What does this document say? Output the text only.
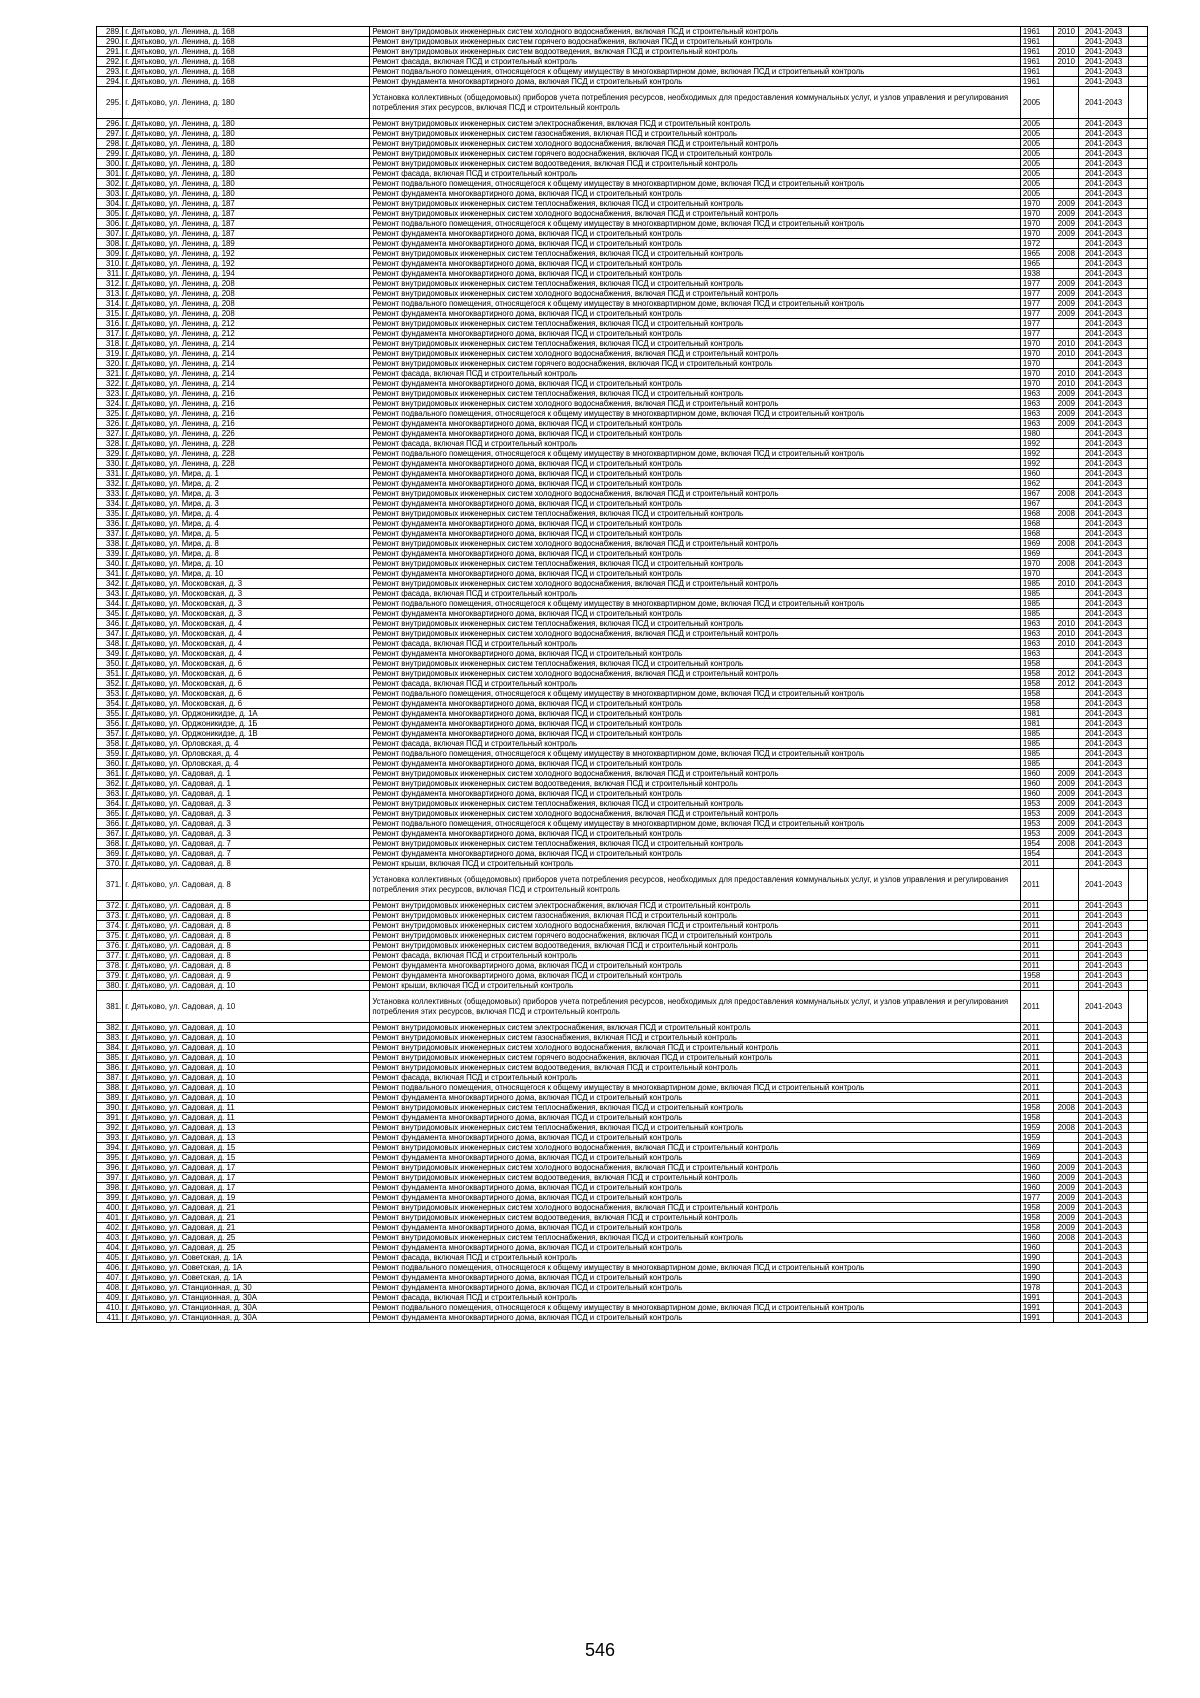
289.	г. Дятьково, ул. Ленина, д. 168	Ремонт внутридомовых инженерных систем холодного водоснабжения, включая ПСД и строительный контроль	1961	2010	2041-2043	
290.	г. Дятьково, ул. Ленина, д. 168	Ремонт внутридомовых инженерных систем горячего водоснабжения, включая ПСД и строительный контроль	1961		2041-2043	
291.	г. Дятьково, ул. Ленина, д. 168	Ремонт внутридомовых инженерных систем водоотведения, включая ПСД и строительный контроль	1961	2010	2041-2043	
292.	г. Дятьково, ул. Ленина, д. 168	Ремонт фасада, включая ПСД и строительный контроль	1961	2010	2041-2043	
293.	г. Дятьково, ул. Ленина, д. 168	Ремонт подвального помещения, относящегося к общему имуществу в многоквартирном доме, включая ПСД и строительный контроль	1961		2041-2043	
294.	г. Дятьково, ул. Ленина, д. 168	Ремонт фундамента многоквартирного дома, включая ПСД и строительный контроль	1961		2041-2043	
295.	г. Дятьково, ул. Ленина, д. 180	Установка коллективных (общедомовых) приборов учета потребления ресурсов, необходимых для предоставления коммунальных услуг, и узлов управления и регулирования потребления этих ресурсов, включая ПСД и строительный контроль	2005		2041-2043	
296.	г. Дятьково, ул. Ленина, д. 180	Ремонт внутридомовых инженерных систем электроснабжения, включая ПСД и строительный контроль	2005		2041-2043	
297.	г. Дятьково, ул. Ленина, д. 180	Ремонт внутридомовых инженерных систем газоснабжения, включая ПСД и строительный контроль	2005		2041-2043	
298.	г. Дятьково, ул. Ленина, д. 180	Ремонт внутридомовых инженерных систем холодного водоснабжения, включая ПСД и строительный контроль	2005		2041-2043	
299.	г. Дятьково, ул. Ленина, д. 180	Ремонт внутридомовых инженерных систем горячего водоснабжения, включая ПСД и строительный контроль	2005		2041-2043	
300.	г. Дятьково, ул. Ленина, д. 180	Ремонт внутридомовых инженерных систем водоотведения, включая ПСД и строительный контроль	2005		2041-2043	
301.	г. Дятьково, ул. Ленина, д. 180	Ремонт фасада, включая ПСД и строительный контроль	2005		2041-2043	
302.	г. Дятьково, ул. Ленина, д. 180	Ремонт подвального помещения, относящегося к общему имуществу в многоквартирном доме, включая ПСД и строительный контроль	2005		2041-2043	
303.	г. Дятьково, ул. Ленина, д. 180	Ремонт фундамента многоквартирного дома, включая ПСД и строительный контроль	2005		2041-2043	
304.	г. Дятьково, ул. Ленина, д. 187	Ремонт внутридомовых инженерных систем теплоснабжения, включая ПСД и строительный контроль	1970	2009	2041-2043	
305.	г. Дятьково, ул. Ленина, д. 187	Ремонт внутридомовых инженерных систем холодного водоснабжения, включая ПСД и строительный контроль	1970	2009	2041-2043	
306.	г. Дятьково, ул. Ленина, д. 187	Ремонт подвального помещения, относящегося к общему имуществу в многоквартирном доме, включая ПСД и строительный контроль	1970	2009	2041-2043	
307.	г. Дятьково, ул. Ленина, д. 187	Ремонт фундамента многоквартирного дома, включая ПСД и строительный контроль	1970	2009	2041-2043	
308.	г. Дятьково, ул. Ленина, д. 189	Ремонт фундамента многоквартирного дома, включая ПСД и строительный контроль	1972		2041-2043	
309.	г. Дятьково, ул. Ленина, д. 192	Ремонт внутридомовых инженерных систем теплоснабжения, включая ПСД и строительный контроль	1965	2008	2041-2043	
310.	г. Дятьково, ул. Ленина, д. 192	Ремонт фундамента многоквартирного дома, включая ПСД и строительный контроль	1965		2041-2043	
311.	г. Дятьково, ул. Ленина, д. 194	Ремонт фундамента многоквартирного дома, включая ПСД и строительный контроль	1938		2041-2043	
312.	г. Дятьково, ул. Ленина, д. 208	Ремонт внутридомовых инженерных систем теплоснабжения, включая ПСД и строительный контроль	1977	2009	2041-2043	
313.	г. Дятьково, ул. Ленина, д. 208	Ремонт внутридомовых инженерных систем холодного водоснабжения, включая ПСД и строительный контроль	1977	2009	2041-2043	
314.	г. Дятьково, ул. Ленина, д. 208	Ремонт подвального помещения, относящегося к общему имуществу в многоквартирном доме, включая ПСД и строительный контроль	1977	2009	2041-2043	
315.	г. Дятьково, ул. Ленина, д. 208	Ремонт фундамента многоквартирного дома, включая ПСД и строительный контроль	1977	2009	2041-2043	
316.	г. Дятьково, ул. Ленина, д. 212	Ремонт внутридомовых инженерных систем теплоснабжения, включая ПСД и строительный контроль	1977		2041-2043	
317.	г. Дятьково, ул. Ленина, д. 212	Ремонт фундамента многоквартирного дома, включая ПСД и строительный контроль	1977		2041-2043	
318.	г. Дятьково, ул. Ленина, д. 214	Ремонт внутридомовых инженерных систем теплоснабжения, включая ПСД и строительный контроль	1970	2010	2041-2043	
319.	г. Дятьково, ул. Ленина, д. 214	Ремонт внутридомовых инженерных систем холодного водоснабжения, включая ПСД и строительный контроль	1970	2010	2041-2043	
320.	г. Дятьково, ул. Ленина, д. 214	Ремонт внутридомовых инженерных систем горячего водоснабжения, включая ПСД и строительный контроль	1970		2041-2043	
321.	г. Дятьково, ул. Ленина, д. 214	Ремонт фасада, включая ПСД и строительный контроль	1970	2010	2041-2043	
322.	г. Дятьково, ул. Ленина, д. 214	Ремонт фундамента многоквартирного дома, включая ПСД и строительный контроль	1970	2010	2041-2043	
323.	г. Дятьково, ул. Ленина, д. 216	Ремонт внутридомовых инженерных систем теплоснабжения, включая ПСД и строительный контроль	1963	2009	2041-2043	
324.	г. Дятьково, ул. Ленина, д. 216	Ремонт внутридомовых инженерных систем холодного водоснабжения, включая ПСД и строительный контроль	1963	2009	2041-2043	
325.	г. Дятьково, ул. Ленина, д. 216	Ремонт подвального помещения, относящегося к общему имуществу в многоквартирном доме, включая ПСД и строительный контроль	1963	2009	2041-2043	
326.	г. Дятьково, ул. Ленина, д. 216	Ремонт фундамента многоквартирного дома, включая ПСД и строительный контроль	1963	2009	2041-2043	
327.	г. Дятьково, ул. Ленина, д. 226	Ремонт фундамента многоквартирного дома, включая ПСД и строительный контроль	1980		2041-2043	
328.	г. Дятьково, ул. Ленина, д. 228	Ремонт фасада, включая ПСД и строительный контроль	1992		2041-2043	
329.	г. Дятьково, ул. Ленина, д. 228	Ремонт подвального помещения, относящегося к общему имуществу в многоквартирном доме, включая ПСД и строительный контроль	1992		2041-2043	
330.	г. Дятьково, ул. Ленина, д. 228	Ремонт фундамента многоквартирного дома, включая ПСД и строительный контроль	1992		2041-2043	
331.	г. Дятьково, ул. Мира, д. 1	Ремонт фундамента многоквартирного дома, включая ПСД и строительный контроль	1960		2041-2043	
332.	г. Дятьково, ул. Мира, д. 2	Ремонт фундамента многоквартирного дома, включая ПСД и строительный контроль	1962		2041-2043	
333.	г. Дятьково, ул. Мира, д. 3	Ремонт внутридомовых инженерных систем холодного водоснабжения, включая ПСД и строительный контроль	1967	2008	2041-2043	
334.	г. Дятьково, ул. Мира, д. 3	Ремонт фундамента многоквартирного дома, включая ПСД и строительный контроль	1967		2041-2043	
335.	г. Дятьково, ул. Мира, д. 4	Ремонт внутридомовых инженерных систем теплоснабжения, включая ПСД и строительный контроль	1968	2008	2041-2043	
336.	г. Дятьково, ул. Мира, д. 4	Ремонт фундамента многоквартирного дома, включая ПСД и строительный контроль	1968		2041-2043	
337.	г. Дятьково, ул. Мира, д. 5	Ремонт фундамента многоквартирного дома, включая ПСД и строительный контроль	1968		2041-2043	
338.	г. Дятьково, ул. Мира, д. 8	Ремонт внутридомовых инженерных систем холодного водоснабжения, включая ПСД и строительный контроль	1969	2008	2041-2043	
339.	г. Дятьково, ул. Мира, д. 8	Ремонт фундамента многоквартирного дома, включая ПСД и строительный контроль	1969		2041-2043	
340.	г. Дятьково, ул. Мира, д. 10	Ремонт внутридомовых инженерных систем теплоснабжения, включая ПСД и строительный контроль	1970	2008	2041-2043	
341.	г. Дятьково, ул. Мира, д. 10	Ремонт фундамента многоквартирного дома, включая ПСД и строительный контроль	1970		2041-2043	
342.	г. Дятьково, ул. Московская, д. 3	Ремонт внутридомовых инженерных систем холодного водоснабжения, включая ПСД и строительный контроль	1985	2010	2041-2043	
343.	г. Дятьково, ул. Московская, д. 3	Ремонт фасада, включая ПСД и строительный контроль	1985		2041-2043	
344.	г. Дятьково, ул. Московская, д. 3	Ремонт подвального помещения, относящегося к общему имуществу в многоквартирном доме, включая ПСД и строительный контроль	1985		2041-2043	
345.	г. Дятьково, ул. Московская, д. 3	Ремонт фундамента многоквартирного дома, включая ПСД и строительный контроль	1985		2041-2043	
346.	г. Дятьково, ул. Московская, д. 4	Ремонт внутридомовых инженерных систем теплоснабжения, включая ПСД и строительный контроль	1963	2010	2041-2043	
347.	г. Дятьково, ул. Московская, д. 4	Ремонт внутридомовых инженерных систем холодного водоснабжения, включая ПСД и строительный контроль	1963	2010	2041-2043	
348.	г. Дятьково, ул. Московская, д. 4	Ремонт фасада, включая ПСД и строительный контроль	1963	2010	2041-2043	
349.	г. Дятьково, ул. Московская, д. 4	Ремонт фундамента многоквартирного дома, включая ПСД и строительный контроль	1963		2041-2043	
350.	г. Дятьково, ул. Московская, д. 6	Ремонт внутридомовых инженерных систем теплоснабжения, включая ПСД и строительный контроль	1958		2041-2043	
351.	г. Дятьково, ул. Московская, д. 6	Ремонт внутридомовых инженерных систем холодного водоснабжения, включая ПСД и строительный контроль	1958	2012	2041-2043	
352.	г. Дятьково, ул. Московская, д. 6	Ремонт фасада, включая ПСД и строительный контроль	1958	2012	2041-2043	
353.	г. Дятьково, ул. Московская, д. 6	Ремонт подвального помещения, относящегося к общему имуществу в многоквартирном доме, включая ПСД и строительный контроль	1958		2041-2043	
354.	г. Дятьково, ул. Московская, д. 6	Ремонт фундамента многоквартирного дома, включая ПСД и строительный контроль	1958		2041-2043	
355.	г. Дятьково, ул. Орджоникидзе, д. 1А	Ремонт фундамента многоквартирного дома, включая ПСД и строительный контроль	1981		2041-2043	
356.	г. Дятьково, ул. Орджоникидзе, д. 1Б	Ремонт фундамента многоквартирного дома, включая ПСД и строительный контроль	1981		2041-2043	
357.	г. Дятьково, ул. Орджоникидзе, д. 1В	Ремонт фундамента многоквартирного дома, включая ПСД и строительный контроль	1985		2041-2043	
358.	г. Дятьково, ул. Орловская, д. 4	Ремонт фасада, включая ПСД и строительный контроль	1985		2041-2043	
359.	г. Дятьково, ул. Орловская, д. 4	Ремонт подвального помещения, относящегося к общему имуществу в многоквартирном доме, включая ПСД и строительный контроль	1985		2041-2043	
360.	г. Дятьково, ул. Орловская, д. 4	Ремонт фундамента многоквартирного дома, включая ПСД и строительный контроль	1985		2041-2043	
361.	г. Дятьково, ул. Садовая, д. 1	Ремонт внутридомовых инженерных систем холодного водоснабжения, включая ПСД и строительный контроль	1960	2009	2041-2043	
362.	г. Дятьково, ул. Садовая, д. 1	Ремонт внутридомовых инженерных систем водоотведения, включая ПСД и строительный контроль	1960	2009	2041-2043	
363.	г. Дятьково, ул. Садовая, д. 1	Ремонт фундамента многоквартирного дома, включая ПСД и строительный контроль	1960	2009	2041-2043	
364.	г. Дятьково, ул. Садовая, д. 3	Ремонт внутридомовых инженерных систем теплоснабжения, включая ПСД и строительный контроль	1953	2009	2041-2043	
365.	г. Дятьково, ул. Садовая, д. 3	Ремонт внутридомовых инженерных систем холодного водоснабжения, включая ПСД и строительный контроль	1953	2009	2041-2043	
366.	г. Дятьково, ул. Садовая, д. 3	Ремонт подвального помещения, относящегося к общему имуществу в многоквартирном доме, включая ПСД и строительный контроль	1953	2009	2041-2043	
367.	г. Дятьково, ул. Садовая, д. 3	Ремонт фундамента многоквартирного дома, включая ПСД и строительный контроль	1953	2009	2041-2043	
368.	г. Дятьково, ул. Садовая, д. 7	Ремонт внутридомовых инженерных систем теплоснабжения, включая ПСД и строительный контроль	1954	2008	2041-2043	
369.	г. Дятьково, ул. Садовая, д. 7	Ремонт фундамента многоквартирного дома, включая ПСД и строительный контроль	1954		2041-2043	
370.	г. Дятьково, ул. Садовая, д. 8	Ремонт крыши, включая ПСД и строительный контроль	2011		2041-2043	
371.	г. Дятьково, ул. Садовая, д. 8	Установка коллективных (общедомовых) приборов учета потребления ресурсов, необходимых для предоставления коммунальных услуг, и узлов управления и регулирования потребления этих ресурсов, включая ПСД и строительный контроль	2011		2041-2043	
372.	г. Дятьково, ул. Садовая, д. 8	Ремонт внутридомовых инженерных систем электроснабжения, включая ПСД и строительный контроль	2011		2041-2043	
373.	г. Дятьково, ул. Садовая, д. 8	Ремонт внутридомовых инженерных систем газоснабжения, включая ПСД и строительный контроль	2011		2041-2043	
374.	г. Дятьково, ул. Садовая, д. 8	Ремонт внутридомовых инженерных систем холодного водоснабжения, включая ПСД и строительный контроль	2011		2041-2043	
375.	г. Дятьково, ул. Садовая, д. 8	Ремонт внутридомовых инженерных систем горячего водоснабжения, включая ПСД и строительный контроль	2011		2041-2043	
376.	г. Дятьково, ул. Садовая, д. 8	Ремонт внутридомовых инженерных систем водоотведения, включая ПСД и строительный контроль	2011		2041-2043	
377.	г. Дятьково, ул. Садовая, д. 8	Ремонт фасада, включая ПСД и строительный контроль	2011		2041-2043	
378.	г. Дятьково, ул. Садовая, д. 8	Ремонт фундамента многоквартирного дома, включая ПСД и строительный контроль	2011		2041-2043	
379.	г. Дятьково, ул. Садовая, д. 9	Ремонт фундамента многоквартирного дома, включая ПСД и строительный контроль	1958		2041-2043	
380.	г. Дятьково, ул. Садовая, д. 10	Ремонт крыши, включая ПСД и строительный контроль	2011		2041-2043	
381.	г. Дятьково, ул. Садовая, д. 10	Установка коллективных (общедомовых) приборов учета потребления ресурсов, необходимых для предоставления коммунальных услуг, и узлов управления и регулирования потребления этих ресурсов, включая ПСД и строительный контроль	2011		2041-2043	
382.	г. Дятьково, ул. Садовая, д. 10	Ремонт внутридомовых инженерных систем электроснабжения, включая ПСД и строительный контроль	2011		2041-2043	
383.	г. Дятьково, ул. Садовая, д. 10	Ремонт внутридомовых инженерных систем газоснабжения, включая ПСД и строительный контроль	2011		2041-2043	
384.	г. Дятьково, ул. Садовая, д. 10	Ремонт внутридомовых инженерных систем холодного водоснабжения, включая ПСД и строительный контроль	2011		2041-2043	
385.	г. Дятьково, ул. Садовая, д. 10	Ремонт внутридомовых инженерных систем горячего водоснабжения, включая ПСД и строительный контроль	2011		2041-2043	
386.	г. Дятьково, ул. Садовая, д. 10	Ремонт внутридомовых инженерных систем водоотведения, включая ПСД и строительный контроль	2011		2041-2043	
387.	г. Дятьково, ул. Садовая, д. 10	Ремонт фасада, включая ПСД и строительный контроль	2011		2041-2043	
388.	г. Дятьково, ул. Садовая, д. 10	Ремонт подвального помещения, относящегося к общему имуществу в многоквартирном доме, включая ПСД и строительный контроль	2011		2041-2043	
389.	г. Дятьково, ул. Садовая, д. 10	Ремонт фундамента многоквартирного дома, включая ПСД и строительный контроль	2011		2041-2043	
390.	г. Дятьково, ул. Садовая, д. 11	Ремонт внутридомовых инженерных систем теплоснабжения, включая ПСД и строительный контроль	1958	2008	2041-2043	
391.	г. Дятьково, ул. Садовая, д. 11	Ремонт фундамента многоквартирного дома, включая ПСД и строительный контроль	1958		2041-2043	
392.	г. Дятьково, ул. Садовая, д. 13	Ремонт внутридомовых инженерных систем теплоснабжения, включая ПСД и строительный контроль	1959	2008	2041-2043	
393.	г. Дятьково, ул. Садовая, д. 13	Ремонт фундамента многоквартирного дома, включая ПСД и строительный контроль	1959		2041-2043	
394.	г. Дятьково, ул. Садовая, д. 15	Ремонт внутридомовых инженерных систем холодного водоснабжения, включая ПСД и строительный контроль	1969		2041-2043	
395.	г. Дятьково, ул. Садовая, д. 15	Ремонт фундамента многоквартирного дома, включая ПСД и строительный контроль	1969		2041-2043	
396.	г. Дятьково, ул. Садовая, д. 17	Ремонт внутридомовых инженерных систем холодного водоснабжения, включая ПСД и строительный контроль	1960	2009	2041-2043	
397.	г. Дятьково, ул. Садовая, д. 17	Ремонт внутридомовых инженерных систем водоотведения, включая ПСД и строительный контроль	1960	2009	2041-2043	
398.	г. Дятьково, ул. Садовая, д. 17	Ремонт фундамента многоквартирного дома, включая ПСД и строительный контроль	1960	2009	2041-2043	
399.	г. Дятьково, ул. Садовая, д. 19	Ремонт фундамента многоквартирного дома, включая ПСД и строительный контроль	1977	2009	2041-2043	
400.	г. Дятьково, ул. Садовая, д. 21	Ремонт внутридомовых инженерных систем холодного водоснабжения, включая ПСД и строительный контроль	1958	2009	2041-2043	
401.	г. Дятьково, ул. Садовая, д. 21	Ремонт внутридомовых инженерных систем водоотведения, включая ПСД и строительный контроль	1958	2009	2041-2043	
402.	г. Дятьково, ул. Садовая, д. 21	Ремонт фундамента многоквартирного дома, включая ПСД и строительный контроль	1958	2009	2041-2043	
403.	г. Дятьково, ул. Садовая, д. 25	Ремонт внутридомовых инженерных систем теплоснабжения, включая ПСД и строительный контроль	1960	2008	2041-2043	
404.	г. Дятьково, ул. Садовая, д. 25	Ремонт фундамента многоквартирного дома, включая ПСД и строительный контроль	1960		2041-2043	
405.	г. Дятьково, ул. Советская, д. 1А	Ремонт фасада, включая ПСД и строительный контроль	1990		2041-2043	
406.	г. Дятьково, ул. Советская, д. 1А	Ремонт подвального помещения, относящегося к общему имуществу в многоквартирном доме, включая ПСД и строительный контроль	1990		2041-2043	
407.	г. Дятьково, ул. Советская, д. 1А	Ремонт фундамента многоквартирного дома, включая ПСД и строительный контроль	1990		2041-2043	
408.	г. Дятьково, ул. Станционная, д. 30	Ремонт фундамента многоквартирного дома, включая ПСД и строительный контроль	1978		2041-2043	
409.	г. Дятьково, ул. Станционная, д. 30А	Ремонт фасада, включая ПСД и строительный контроль	1991		2041-2043	
410.	г. Дятьково, ул. Станционная, д. 30А	Ремонт подвального помещения, относящегося к общему имуществу в многоквартирном доме, включая ПСД и строительный контроль	1991		2041-2043	
411.	г. Дятьково, ул. Станционная, д. 30А	Ремонт фундамента многоквартирного дома, включая ПСД и строительный контроль	1991		2041-2043	
546
